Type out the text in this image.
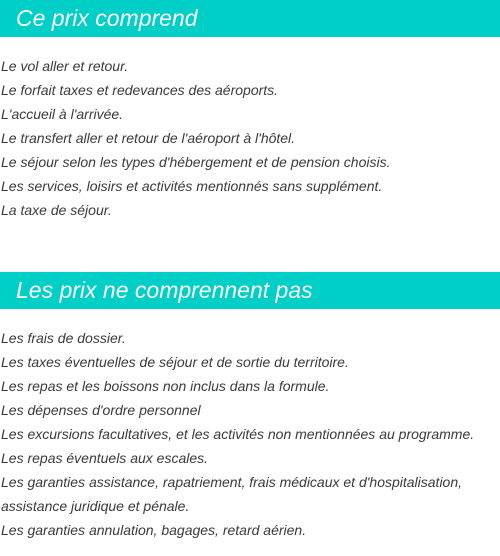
Ce prix comprend
Le vol aller et retour.
Le forfait taxes et redevances des aéroports.
L'accueil à l'arrivée.
Le transfert aller et retour de l'aéroport à l'hôtel.
Le séjour selon les types d'hébergement et de pension choisis.
Les services, loisirs et activités mentionnés sans supplément.
La taxe de séjour.
Les prix ne comprennent pas
Les frais de dossier.
Les taxes éventuelles de séjour et de sortie du territoire.
Les repas et les boissons non inclus dans la formule.
Les dépenses d'ordre personnel
Les excursions facultatives, et les activités non mentionnées au programme.
Les repas éventuels aux escales.
Les garanties assistance, rapatriement, frais médicaux et d'hospitalisation, assistance juridique et pénale.
Les garanties annulation, bagages, retard aérien.
